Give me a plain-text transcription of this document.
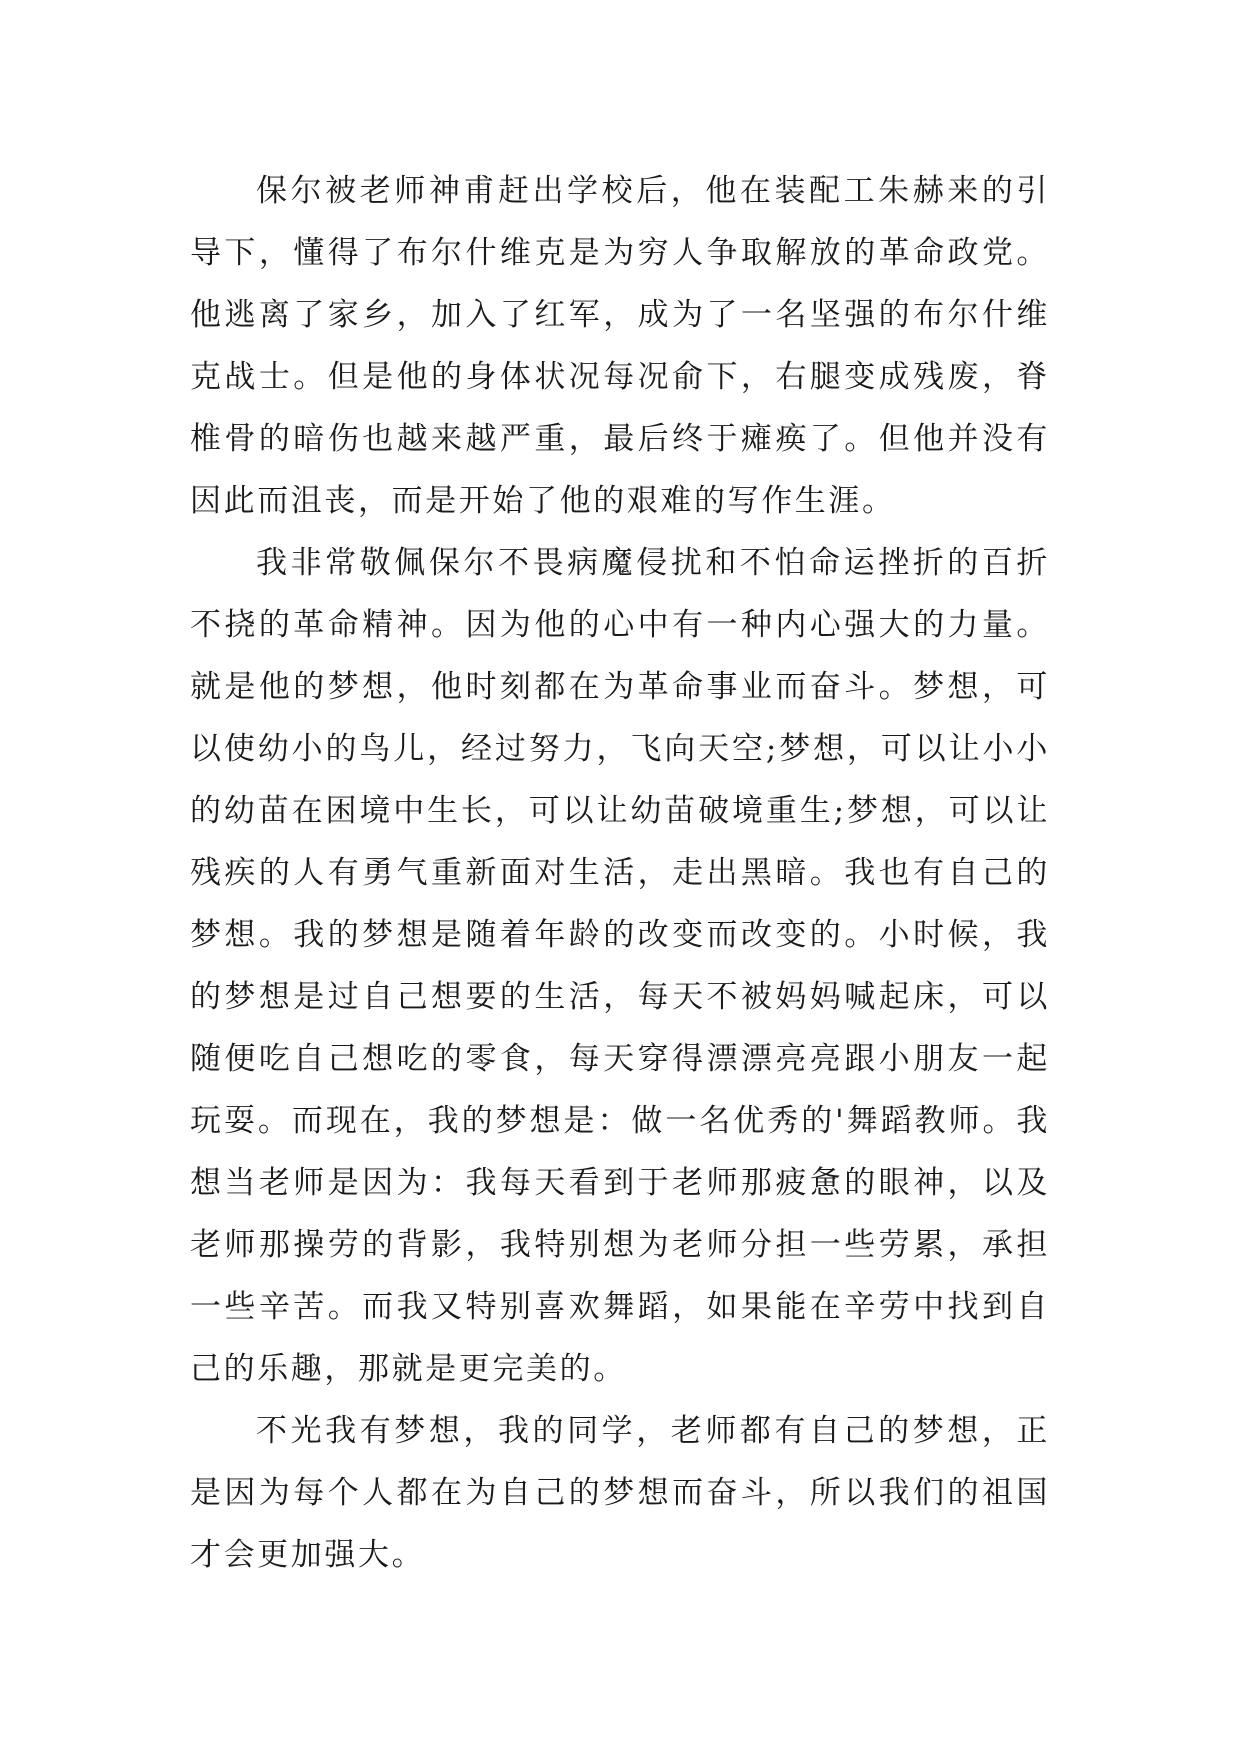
保尔被老师神甫赶出学校后，他在装配工朱赫来的引导下，懂得了布尔什维克是为穷人争取解放的革命政党。他逃离了家乡，加入了红军，成为了一名坚强的布尔什维克战士。但是他的身体状况每况俞下，右腿变成残废，脊椎骨的暗伤也越来越严重，最后终于瘫痪了。但他并没有因此而沮丧，而是开始了他的艰难的写作生涯。

我非常敬佩保尔不畏病魔侵扰和不怕命运挫折的百折不挠的革命精神。因为他的心中有一种内心强大的力量。就是他的梦想，他时刻都在为革命事业而奋斗。梦想，可以使幼小的鸟儿，经过努力，飞向天空;梦想，可以让小小的幼苗在困境中生长，可以让幼苗破境重生;梦想，可以让残疾的人有勇气重新面对生活，走出黑暗。我也有自己的梦想。我的梦想是随着年龄的改变而改变的。小时候，我的梦想是过自己想要的生活，每天不被妈妈喊起床，可以随便吃自己想吃的零食，每天穿得漂漂亮亮跟小朋友一起玩耍。而现在，我的梦想是：做一名优秀的'舞蹈教师。我想当老师是因为：我每天看到于老师那疲惫的眼神，以及老师那操劳的背影，我特别想为老师分担一些劳累，承担一些辛苦。而我又特别喜欢舞蹈，如果能在辛劳中找到自己的乐趣，那就是更完美的。

不光我有梦想，我的同学，老师都有自己的梦想，正是因为每个人都在为自己的梦想而奋斗，所以我们的祖国才会更加强大。
